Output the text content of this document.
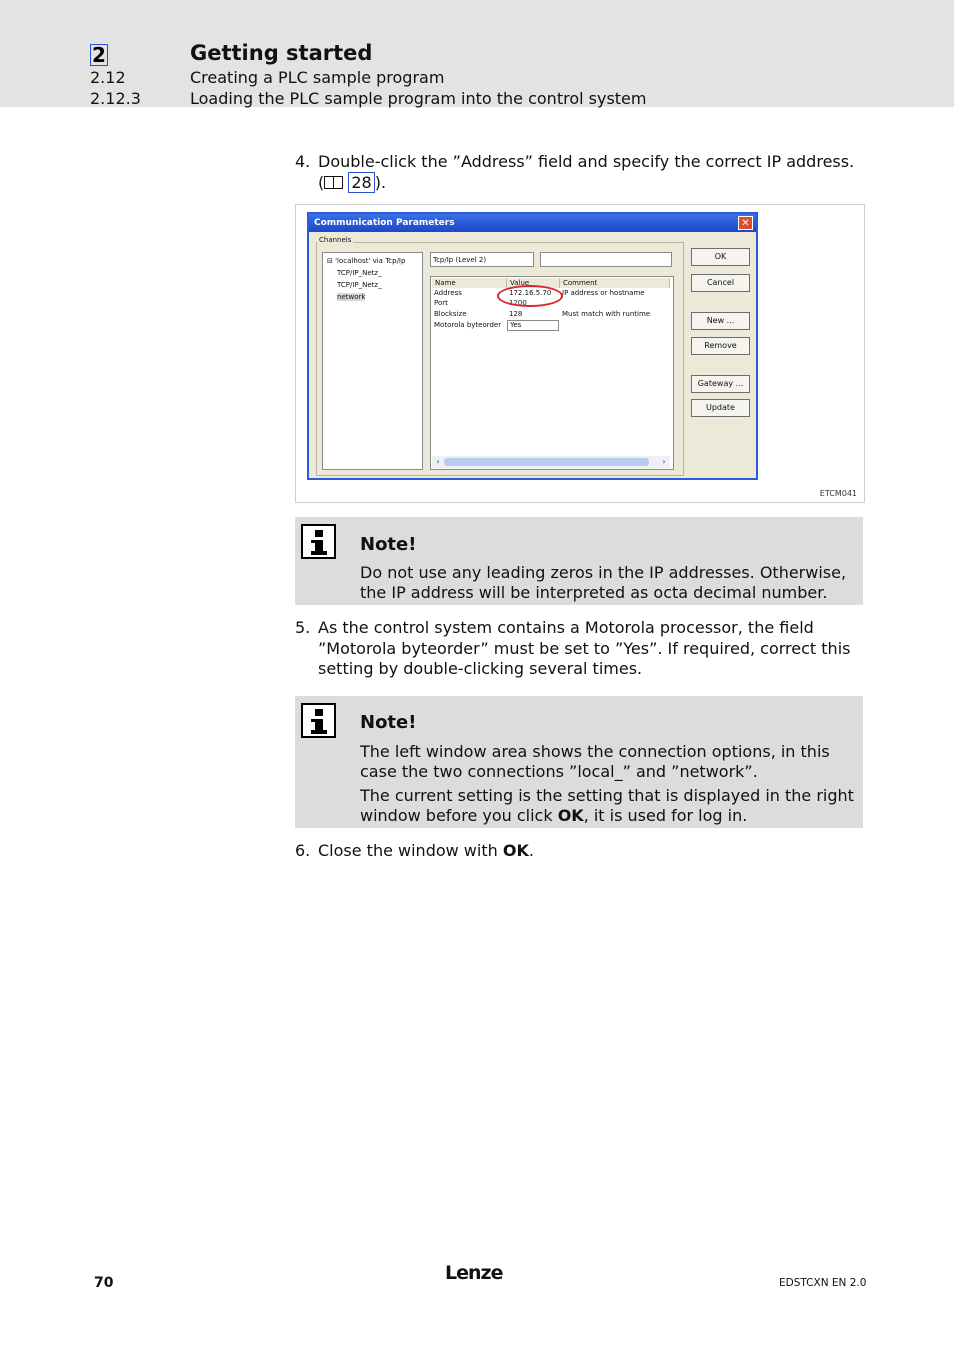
2	Getting started
2.12	Creating a PLC sample program
2.12.3	Loading the PLC sample program into the control system
4. Double-click the ”Address” field and specify the correct IP address.
( 28 ).
Communication Parameters	✕
Channels
⊟ 'localhost' via Tcp/Ip
TCP/IP_Netz_
TCP/IP_Netz_
network
Tcp/Ip (Level 2)
Name	Value	Comment
Address	172.16.5.70 IP address or hostname
Port	1200
Blocksize	128	Must match with runtime
Motorola byteorder	Yes
‹	›
OK
Cancel
New ...
Remove
Gateway ...
Update
ETCM041
Note!
Do not use any leading zeros in the IP addresses. Otherwise, the IP address will be interpreted as octa decimal number.
5. As the control system contains a Motorola processor, the field ”Motorola byteorder” must be set to ”Yes”. If required, correct this setting by double-clicking several times.
Note!
The left window area shows the connection options, in this case the two connections ”local_” and ”network”.
The current setting is the setting that is displayed in the right window before you click OK, it is used for log in.
6. Close the window with OK.
70	Lenze	EDSTCXN EN 2.0
